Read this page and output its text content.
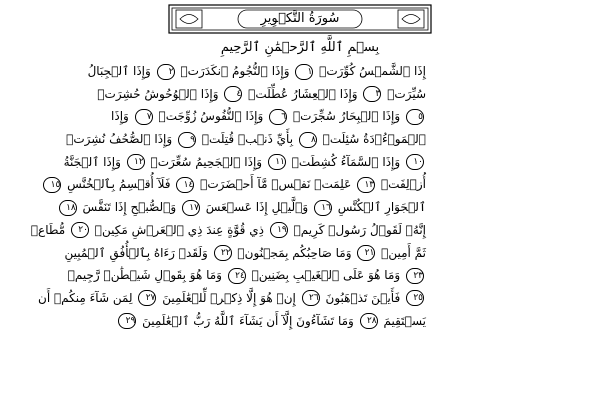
سُورَةُ التَّكۡوِيرِ
بِسۡمِ ٱللَّهِ ٱلرَّحۡمَٰنِ ٱلرَّحِيمِ
إِذَا ٱلشَّمۡسُ كُوِّرَتۡ ١ وَإِذَا ٱلنُّجُومُ ٱنكَدَرَتۡ ٢ وَإِذَا ٱلۡجِبَالُ
سُيِّرَتۡ ٣ وَإِذَا ٱلۡعِشَارُ عُطِّلَتۡ ٤ وَإِذَا ٱلۡوُحُوشُ حُشِرَتۡ
٥ وَإِذَا ٱلۡبِحَارُ سُجِّرَتۡ ٦ وَإِذَا ٱلنُّفُوسُ زُوِّجَتۡ ٧ وَإِذَا
ٱلۡمَوۡءُۥدَةُ سُئِلَتۡ ٨ بِأَيِّ ذَنۢبٖ قُتِلَتۡ ٩ وَإِذَا ٱلصُّحُفُ نُشِرَتۡ
١٠ وَإِذَا ٱلسَّمَآءُ كُشِطَتۡ ١١ وَإِذَا ٱلۡجَحِيمُ سُعِّرَتۡ ١٢ وَإِذَا ٱلۡجَنَّةُ
أُزۡلِفَتۡ ١٣ عَلِمَتۡ نَفۡسٞ مَّآ أَحۡضَرَتۡ ١٤ فَلَآ أُقۡسِمُ بِٱلۡخُنَّسِ ١٥
ٱلۡجَوَارِ ٱلۡكُنَّسِ ١٦ وَٱلَّيۡلِ إِذَا عَسۡعَسَ ١٧ وَٱلصُّبۡحِ إِذَا تَنَفَّسَ ١٨
إِنَّهُۥ لَقَوۡلُ رَسُولٖ كَرِيمٖ ١٩ ذِي قُوَّةٍ عِندَ ذِي ٱلۡعَرۡشِ مَكِينٖ ٢٠ مُّطَاعٖ
ثَمَّ أَمِينٖ ٢١ وَمَا صَاحِبُكُم بِمَجۡنُونٖ ٢٢ وَلَقَدۡ رَءَاهُ بِٱلۡأُفُقِ ٱلۡمُبِينِ
٢٣ وَمَا هُوَ عَلَى ٱلۡغَيۡبِ بِضَنِينٖ ٢٤ وَمَا هُوَ بِقَوۡلِ شَيۡطَٰنٖ رَّجِيمٖ
٢٥ فَأَيۡنَ تَذۡهَبُونَ ٢٦ إِنۡ هُوَ إِلَّا ذِكۡرٞ لِّلۡعَٰلَمِينَ ٢٧ لِمَن شَآءَ مِنكُمۡ أَن
يَسۡتَقِيمَ ٢٨ وَمَا تَشَآءُونَ إِلَّآ أَن يَشَآءَ ٱللَّهُ رَبُّ ٱلۡعَٰلَمِينَ ٢٩
